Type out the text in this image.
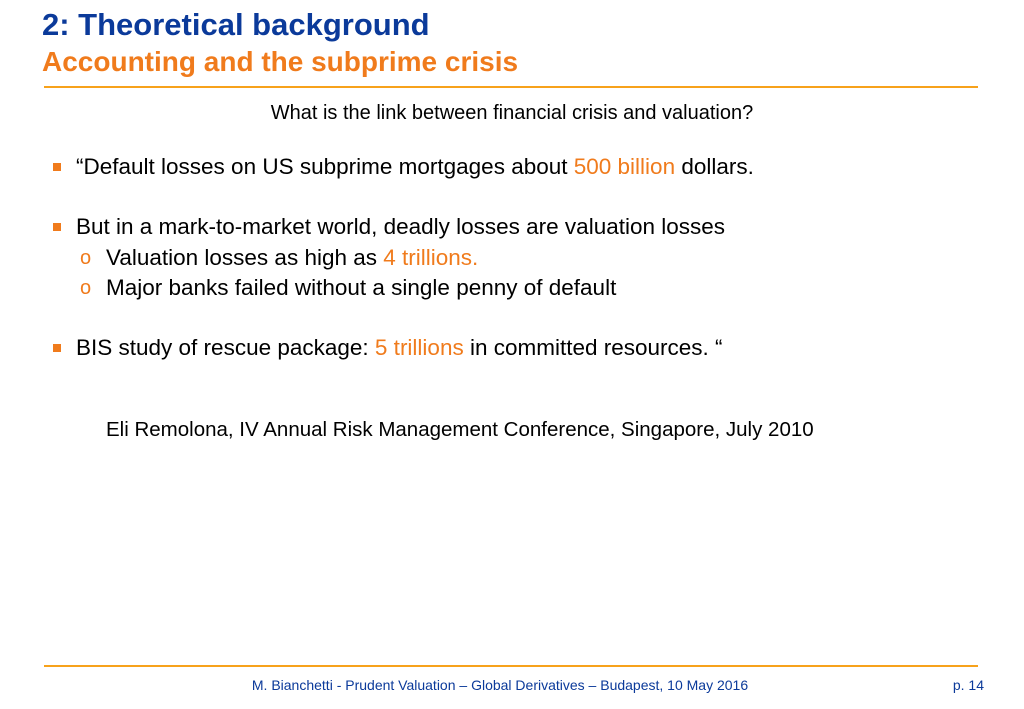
2: Theoretical background
Accounting and the subprime crisis
What is the link between financial crisis and valuation?
“Default losses on US subprime mortgages about 500 billion dollars.
But in a mark-to-market world, deadly losses are valuation losses
o Valuation losses as high as 4 trillions.
o Major banks failed without a single penny of default
BIS study of rescue package: 5 trillions in committed resources. “
Eli Remolona, IV Annual Risk Management Conference, Singapore, July 2010
M. Bianchetti - Prudent Valuation – Global Derivatives – Budapest, 10 May 2016	p. 14
